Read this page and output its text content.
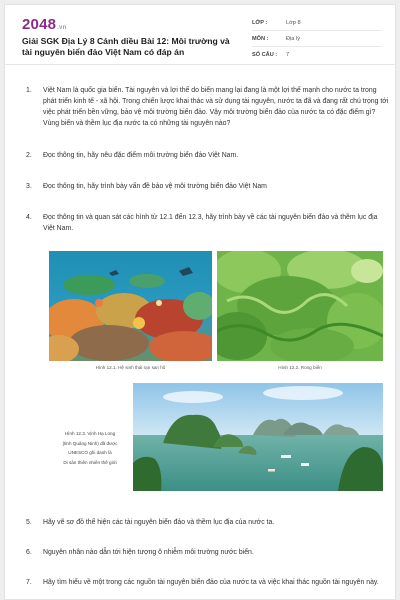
2048.vn
Giải SGK Địa Lý 8 Cánh diều Bài 12: Môi trường và tài nguyên biển đảo Việt Nam có đáp án
LỚP :	Lớp 8
MÔN :	Địa lý
SỐ CÂU :	7
1.	Việt Nam là quốc gia biển. Tài nguyên và lợi thế do biển mang lại đang là một lợi thế mạnh cho nước ta trong phát triển kinh tế - xã hội. Trong chiến lược khai thác và sử dụng tài nguyên, nước ta đã và đang rất chú trọng tới việc phát triển bền vững, bảo vệ môi trường biển đảo. Vậy môi trường biển đảo của nước ta có đặc điểm gì? Vùng biển và thềm lục địa nước ta có những tài nguyên nào?
2.	Đọc thông tin, hãy nêu đặc điểm môi trường biển đảo Việt Nam.
3.	Đọc thông tin, hãy trình bày vấn đề bảo vệ môi trường biển đảo Việt Nam
4.	Đọc thông tin và quan sát các hình từ 12.1 đến 12.3, hãy trình bày về các tài nguyên biển đảo và thềm lục địa Việt Nam.
Hình 12.1. Hệ sinh thái rạn san hô	Hình 12.2. Rong biển
Hình 12.3. Vịnh Hạ Long
(tỉnh Quảng Ninh) đã được
UNESCO ghi danh là
Di sản thiên nhiên thế giới
5.	Hãy vẽ sơ đồ thể hiện các tài nguyên biển đảo và thềm lục địa của nước ta.
6.	Nguyên nhân nào dẫn tới hiện tượng ô nhiễm môi trường nước biển.
7.	Hãy tìm hiểu về một trong các nguồn tài nguyên biển đảo của nước ta và việc khai thác nguồn tài nguyên này.
